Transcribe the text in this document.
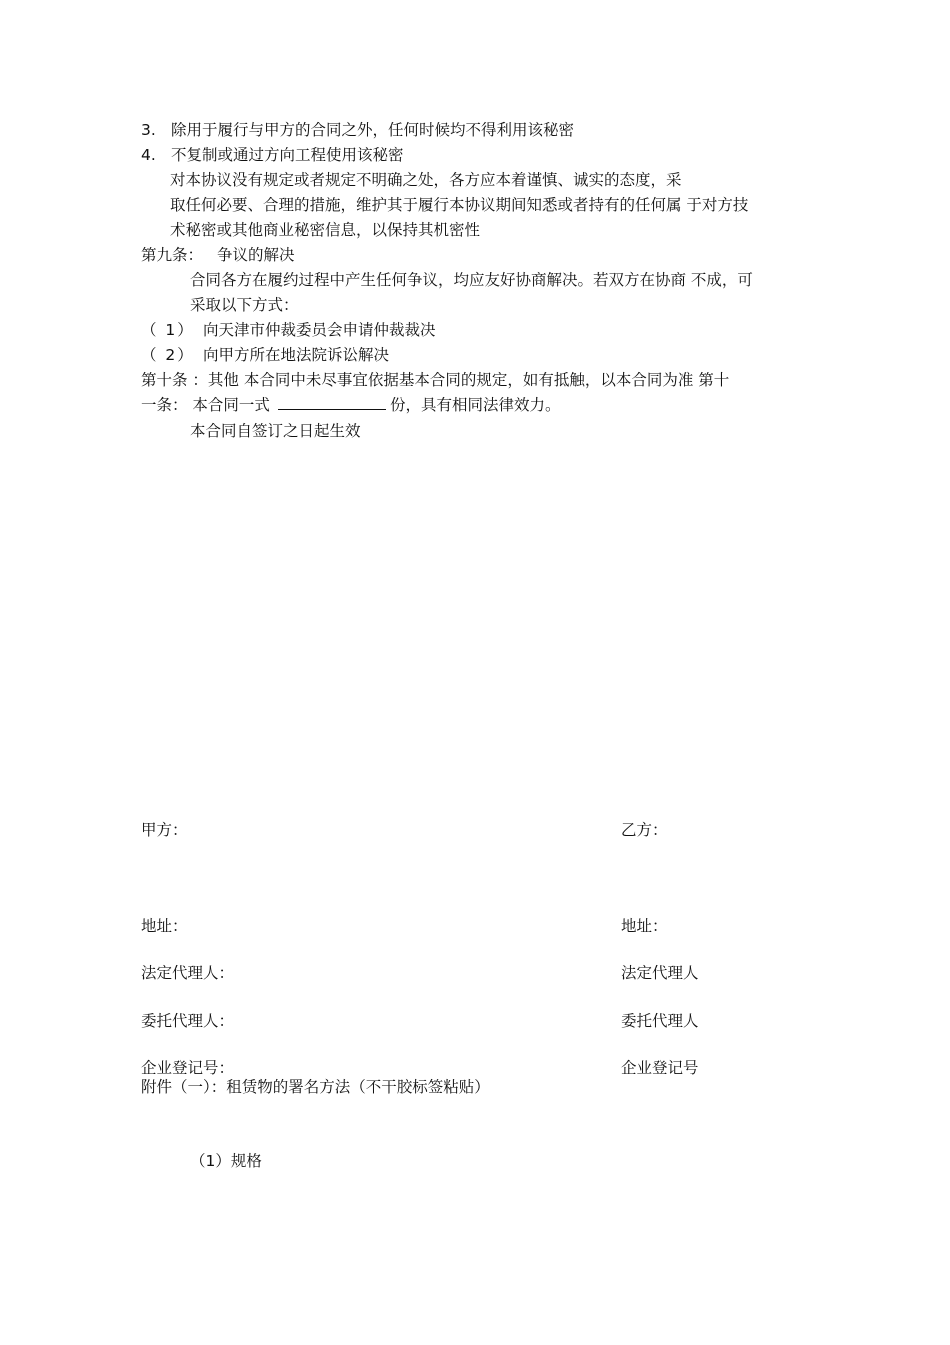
3. 除用于履行与甲方的合同之外，任何时候均不得利用该秘密
4. 不复制或通过方向工程使用该秘密
对本协议没有规定或者规定不明确之处，各方应本着谨慎、诚实的态度，采
取任何必要、合理的措施，维护其于履行本协议期间知悉或者持有的任何属 于对方技
术秘密或其他商业秘密信息，以保持其机密性
第九条： 争议的解决
合同各方在履约过程中产生任何争议，均应友好协商解决。若双方在协商 不成，可
采取以下方式：
（ 1） 向天津市仲裁委员会申请仲裁裁决
（ 2） 向甲方所在地法院诉讼解决
第十条 ：其他 本合同中未尽事宜依据基本合同的规定，如有抵触，以本合同为准 第十
一条： 本合同一式	份，具有相同法律效力。
本合同自签订之日起生效
甲方：	乙方：
地址：	地址：
法定代理人：	法定代理人
委托代理人：	委托代理人
企业登记号：	企业登记号
附件（一）：租赁物的署名方法（不干胶标签粘贴）
（1）规格
